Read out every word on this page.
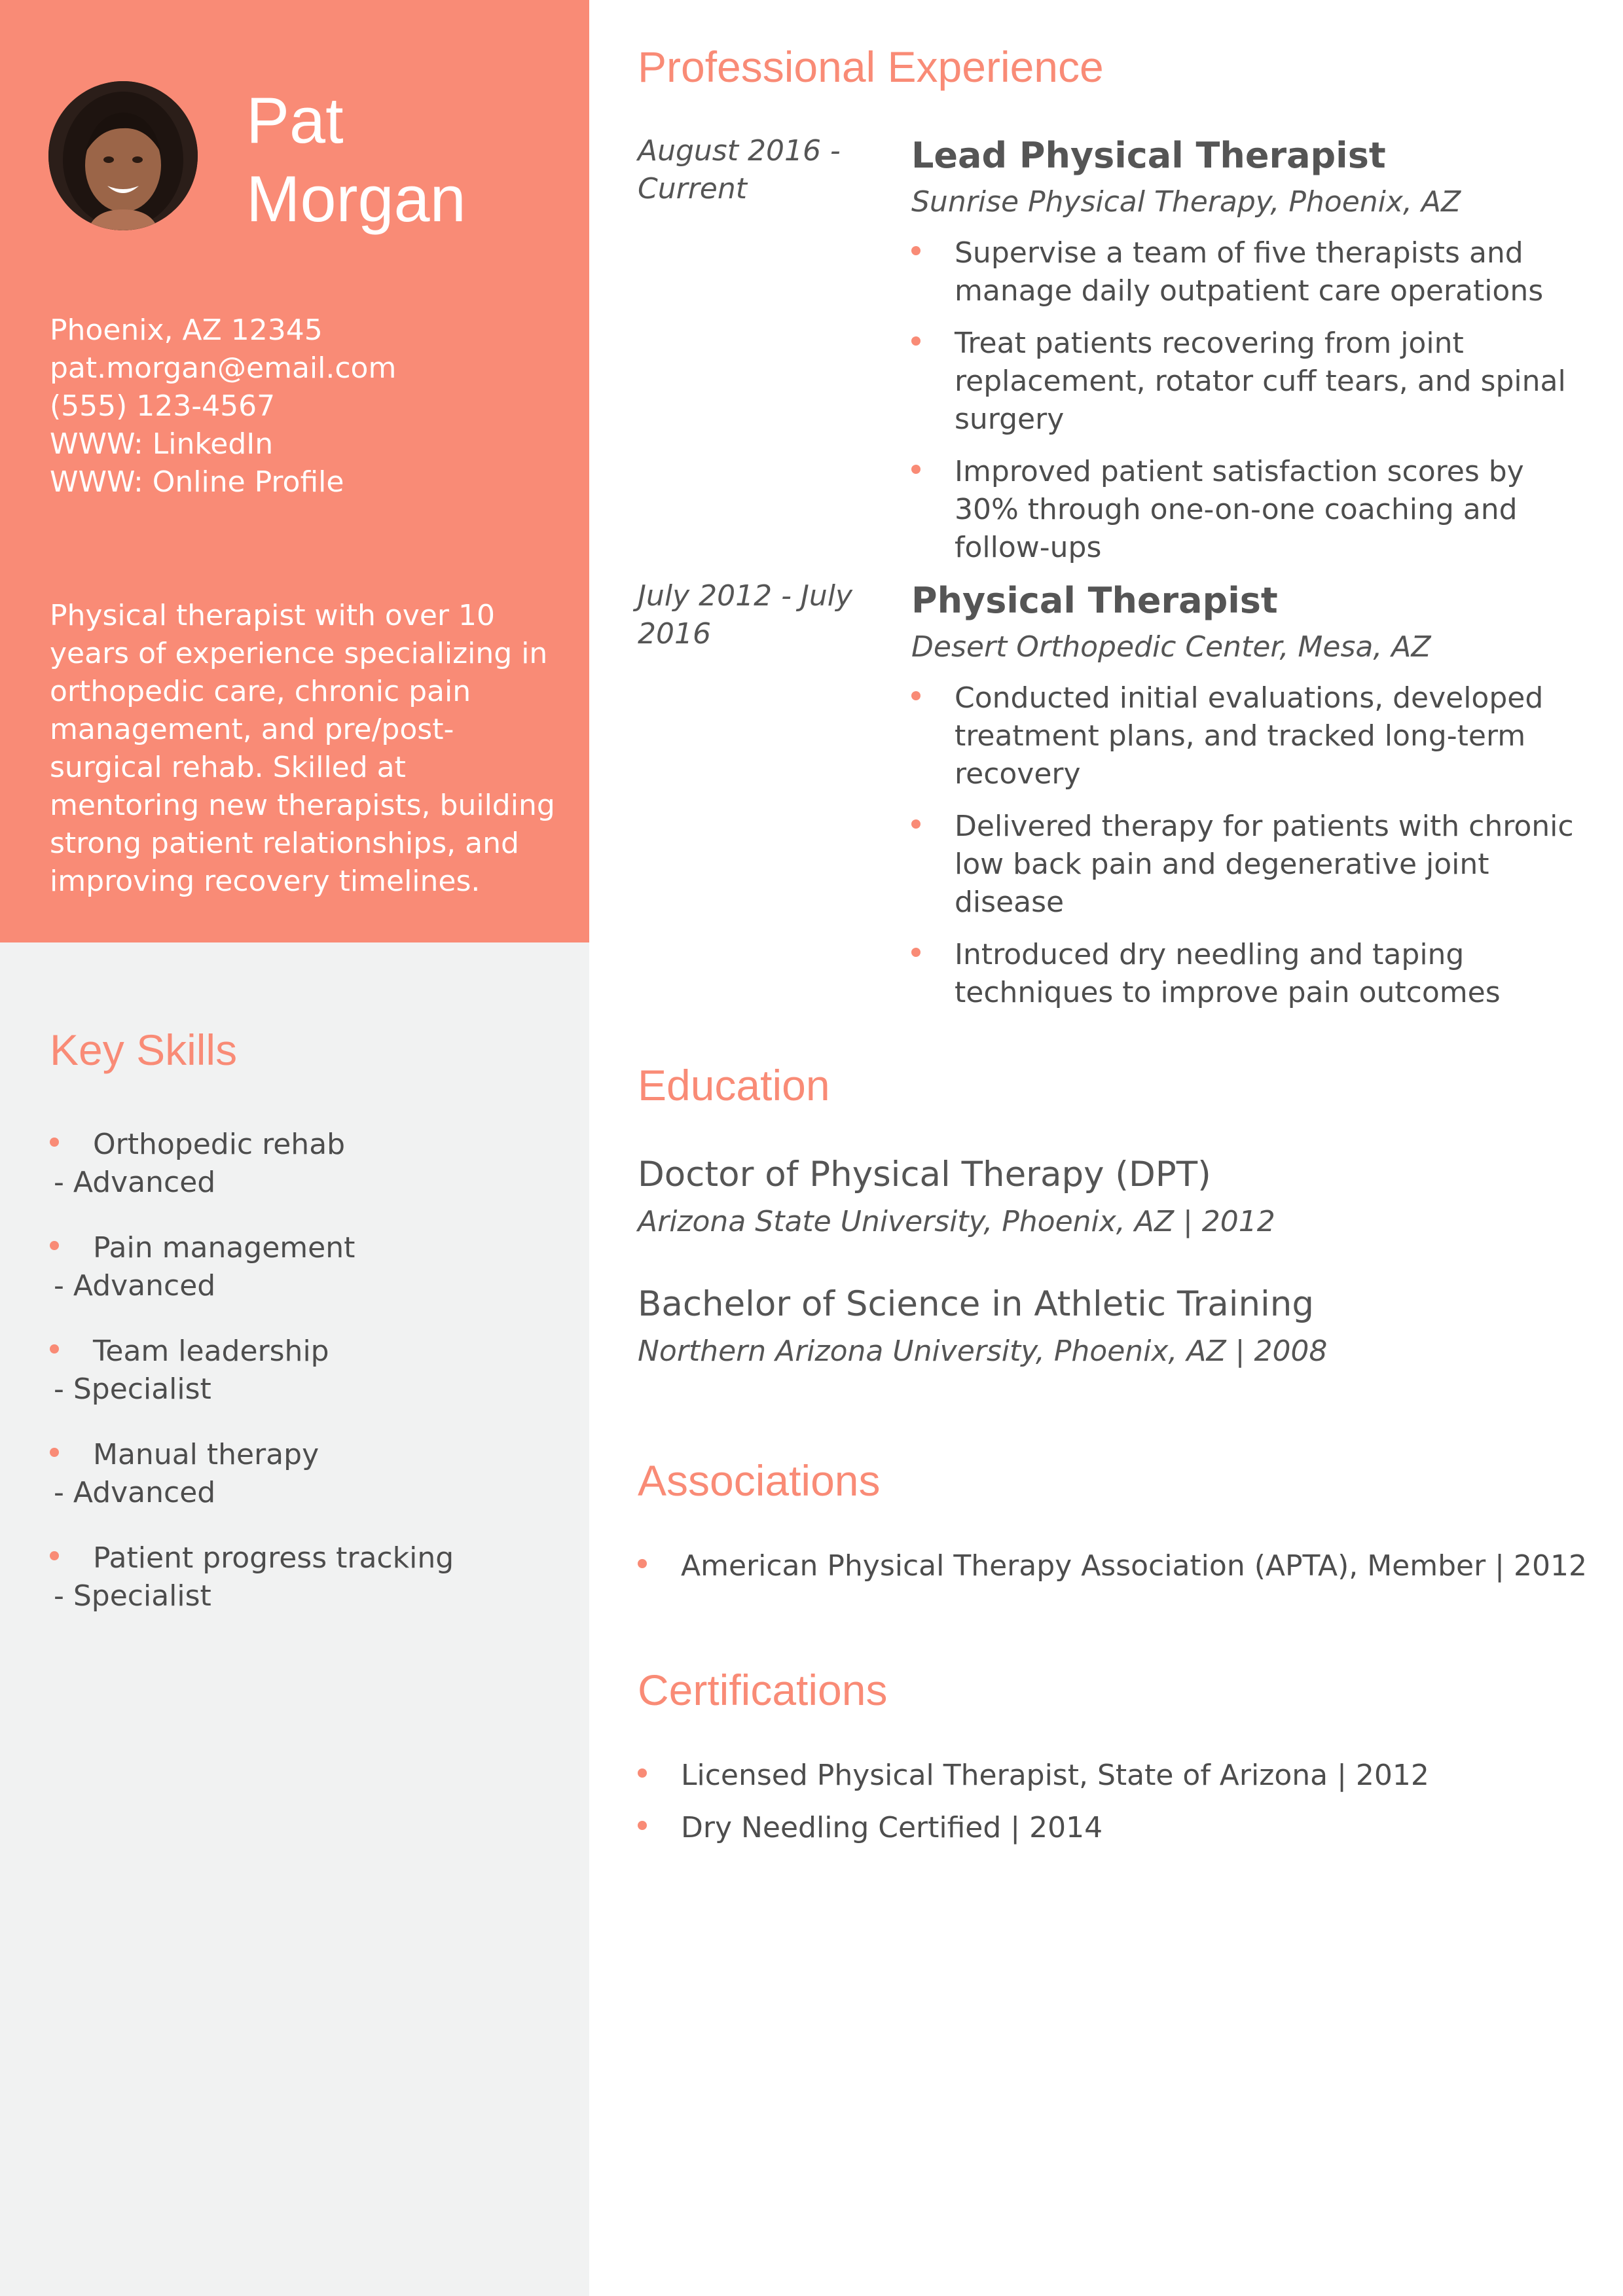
Pat
Morgan
Phoenix, AZ 12345
pat.morgan@email.com
(555) 123-4567
WWW: LinkedIn
WWW: Online Profile
Physical therapist with over 10 years of experience specializing in orthopedic care, chronic pain management, and pre/post-surgical rehab. Skilled at mentoring new therapists, building strong patient relationships, and improving recovery timelines.
Key Skills
Orthopedic rehab
- Advanced
Pain management
- Advanced
Team leadership
- Specialist
Manual therapy
- Advanced
Patient progress tracking
- Specialist
Professional Experience
August 2016 - Current
Lead Physical Therapist
Sunrise Physical Therapy, Phoenix, AZ
Supervise a team of five therapists and manage daily outpatient care operations
Treat patients recovering from joint replacement, rotator cuff tears, and spinal surgery
Improved patient satisfaction scores by 30% through one-on-one coaching and follow-ups
July 2012 - July 2016
Physical Therapist
Desert Orthopedic Center, Mesa, AZ
Conducted initial evaluations, developed treatment plans, and tracked long-term recovery
Delivered therapy for patients with chronic low back pain and degenerative joint disease
Introduced dry needling and taping techniques to improve pain outcomes
Education
Doctor of Physical Therapy (DPT)
Arizona State University, Phoenix, AZ | 2012
Bachelor of Science in Athletic Training
Northern Arizona University, Phoenix, AZ | 2008
Associations
American Physical Therapy Association (APTA), Member | 2012
Certifications
Licensed Physical Therapist, State of Arizona | 2012
Dry Needling Certified | 2014
